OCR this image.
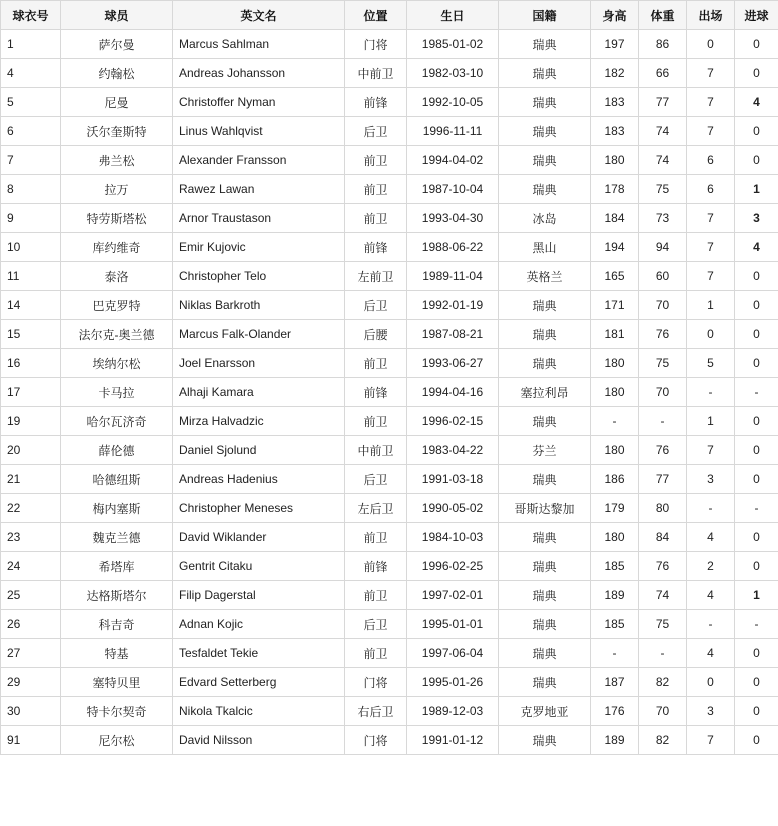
球衣号	球员	英文名	位置	生日	国籍	身高	体重	出场	进球
1	萨尔曼	Marcus Sahlman	门将	1985-01-02	瑞典	197	86	0	0
4	约翰松	Andreas Johansson	中前卫	1982-03-10	瑞典	182	66	7	0
5	尼曼	Christoffer Nyman	前锋	1992-10-05	瑞典	183	77	7	4
6	沃尔奎斯特	Linus Wahlqvist	后卫	1996-11-11	瑞典	183	74	7	0
7	弗兰松	Alexander Fransson	前卫	1994-04-02	瑞典	180	74	6	0
8	拉万	Rawez Lawan	前卫	1987-10-04	瑞典	178	75	6	1
9	特劳斯塔松	Arnor Traustason	前卫	1993-04-30	冰岛	184	73	7	3
10	库约维奇	Emir Kujovic	前锋	1988-06-22	黑山	194	94	7	4
11	泰洛	Christopher Telo	左前卫	1989-11-04	英格兰	165	60	7	0
14	巴克罗特	Niklas Barkroth	后卫	1992-01-19	瑞典	171	70	1	0
15	法尔克-奥兰德	Marcus Falk-Olander	后腰	1987-08-21	瑞典	181	76	0	0
16	埃纳尔松	Joel Enarsson	前卫	1993-06-27	瑞典	180	75	5	0
17	卡马拉	Alhaji Kamara	前锋	1994-04-16	塞拉利昂	180	70	-	-
19	哈尔瓦济奇	Mirza Halvadzic	前卫	1996-02-15	瑞典	-	-	1	0
20	薛伦德	Daniel Sjolund	中前卫	1983-04-22	芬兰	180	76	7	0
21	哈德纽斯	Andreas Hadenius	后卫	1991-03-18	瑞典	186	77	3	0
22	梅内塞斯	Christopher Meneses	左后卫	1990-05-02	哥斯达黎加	179	80	-	-
23	魏克兰德	David Wiklander	前卫	1984-10-03	瑞典	180	84	4	0
24	希塔库	Gentrit Citaku	前锋	1996-02-25	瑞典	185	76	2	0
25	达格斯塔尔	Filip Dagerstal	前卫	1997-02-01	瑞典	189	74	4	1
26	科吉奇	Adnan Kojic	后卫	1995-01-01	瑞典	185	75	-	-
27	特基	Tesfaldet Tekie	前卫	1997-06-04	瑞典	-	-	4	0
29	塞特贝里	Edvard Setterberg	门将	1995-01-26	瑞典	187	82	0	0
30	特卡尔契奇	Nikola Tkalcic	右后卫	1989-12-03	克罗地亚	176	70	3	0
91	尼尔松	David Nilsson	门将	1991-01-12	瑞典	189	82	7	0
